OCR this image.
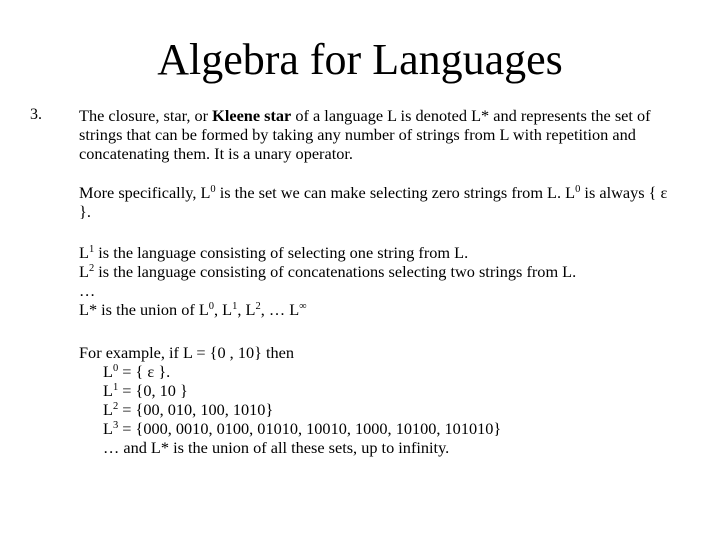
Algebra for Languages
3. The closure, star, or Kleene star of a language L is denoted L* and represents the set of strings that can be formed by taking any number of strings from L with repetition and concatenating them. It is a unary operator.
More specifically, $L^0$ is the set we can make selecting zero strings from L. $L^0$ is always { ε }.
$L^1$ is the language consisting of selecting one string from L.
$L^2$ is the language consisting of concatenations selecting two strings from L.
…
L* is the union of $L^0$, $L^1$, $L^2$, … L∞
For example, if L = {0 , 10} then
$L^0$ = { ε }.
$L^1 = \{0$, 10 }
$L^2 = \{00$, 010, 100, 1010}
$L^3 = \{000$, 0010, 0100, 01010, 10010, 1000, 10100, 101010}
… and L* is the union of all these sets, up to infinity.
